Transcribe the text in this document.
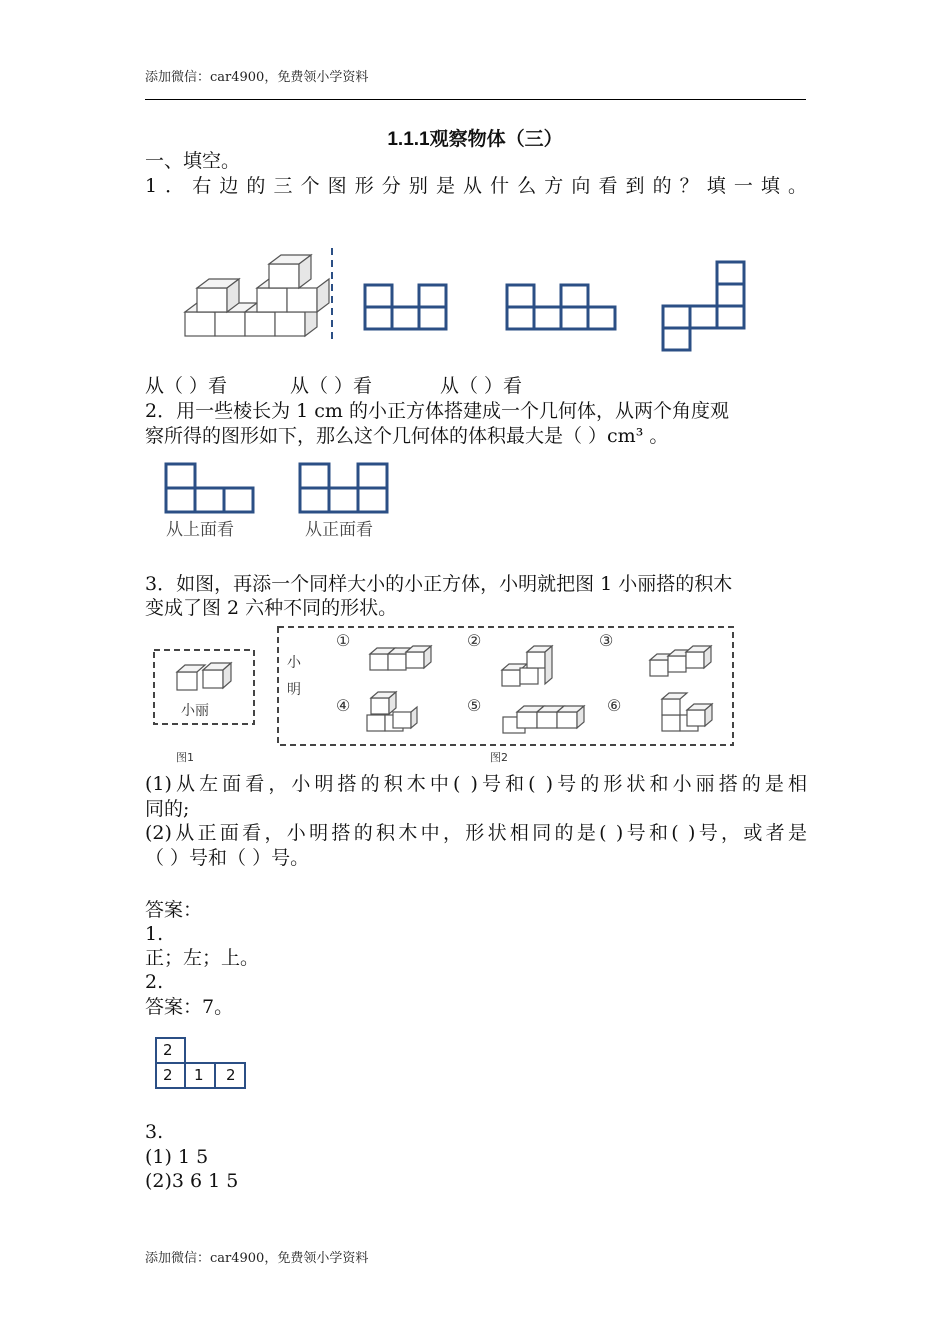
添加微信：car4900，免费领小学资料
1.1.1观察物体（三）
一、填空。
1．右边的三个图形分别是从什么方向看到的？填一填。
从（ ）看	从（ ）看	从（ ）看
2．用一些棱长为 1 cm 的小正方体搭建成一个几何体，从两个角度观
察所得的图形如下，那么这个几何体的体积最大是（ ）cm³ 。
从上面看	从正面看
3．如图，再添一个同样大小的小正方体，小明就把图 1 小丽搭的积木
变成了图 2 六种不同的形状。
小丽
小
明
图1	图2
①	②	③
④	⑤	⑥
(1)从左面看，小明搭的积木中( )号和( )号的形状和小丽搭的是相
同的;
(2)从正面看，小明搭的积木中，形状相同的是( )号和( )号，或者是
（ ）号和（ ）号。
答案：
1.
正；左；上。
2.
答案：7。
2
2 1 2
3.
(1) 1 5
(2)3 6 1 5
添加微信：car4900，免费领小学资料
